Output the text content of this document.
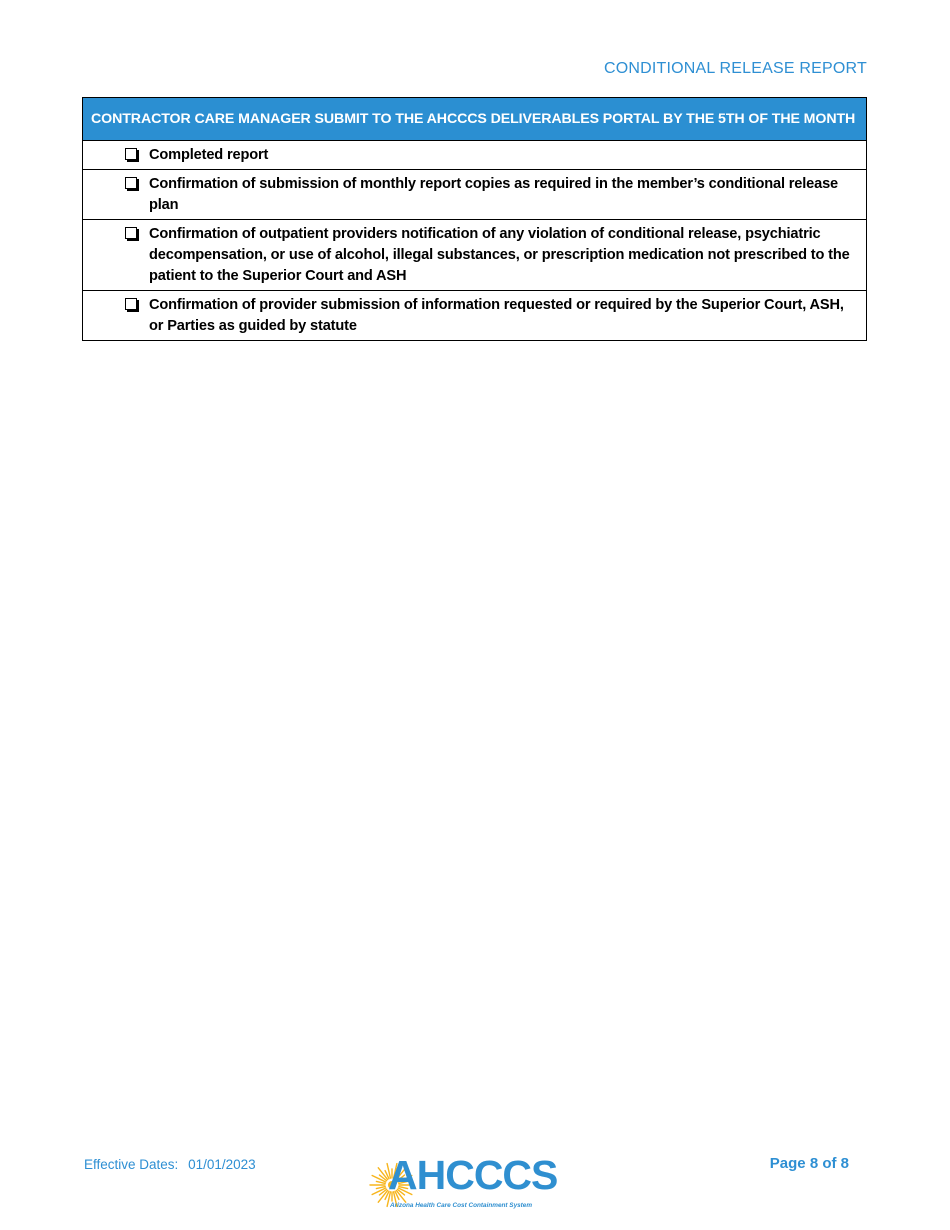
CONDITIONAL RELEASE REPORT
CONTRACTOR CARE MANAGER SUBMIT TO THE AHCCCS DELIVERABLES PORTAL BY THE 5TH OF THE MONTH
Completed report
Confirmation of submission of monthly report copies as required in the member’s conditional release plan
Confirmation of outpatient providers notification of any violation of conditional release, psychiatric decompensation, or use of alcohol, illegal substances, or prescription medication not prescribed to the patient to the Superior Court and ASH
Confirmation of provider submission of information requested or required by the Superior Court, ASH, or Parties as guided by statute
Effective Dates: 01/01/2023	AHCCCS
Arizona Health Care Cost Containment System
Page 8 of 8
